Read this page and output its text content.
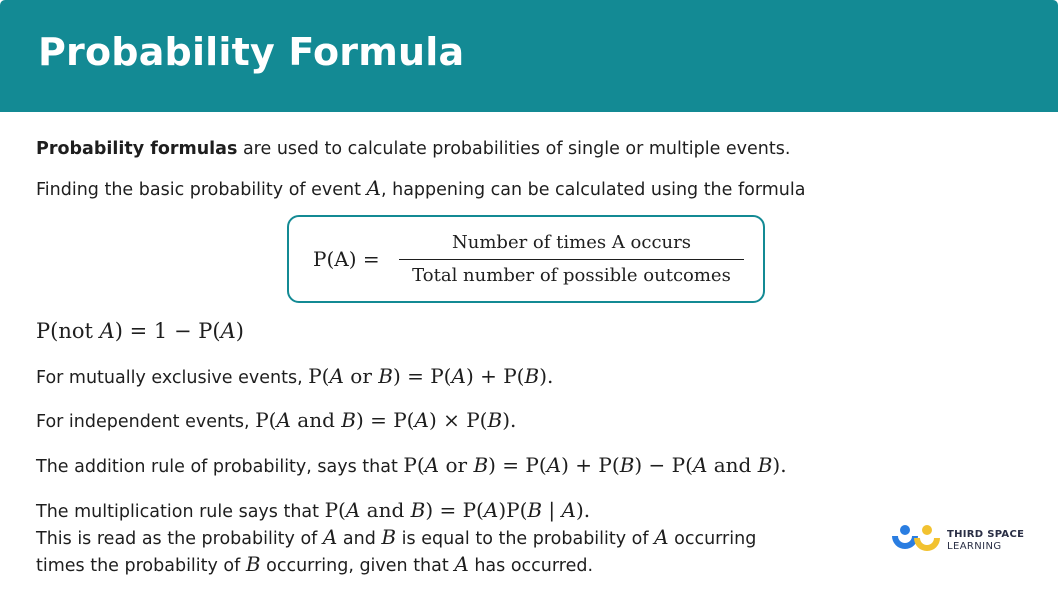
Probability Formula

Probability formulas are used to calculate probabilities of single or multiple events.

Finding the basic probability of event A, happening can be calculated using the formula

P(A) =
Number of times A occurs
Total number of possible outcomes

P(not A) = 1 − P(A)

For mutually exclusive events, P(A or B) = P(A) + P(B).

For independent events, P(A and B) = P(A) × P(B).

The addition rule of probability, says that P(A or B) = P(A) + P(B) − P(A and B).

The multiplication rule says that P(A and B) = P(A)P(B | A).

This is read as the probability of A and B is equal to the probability of A occurring

times the probability of B occurring, given that A has occurred.

THIRD SPACE
LEARNING
